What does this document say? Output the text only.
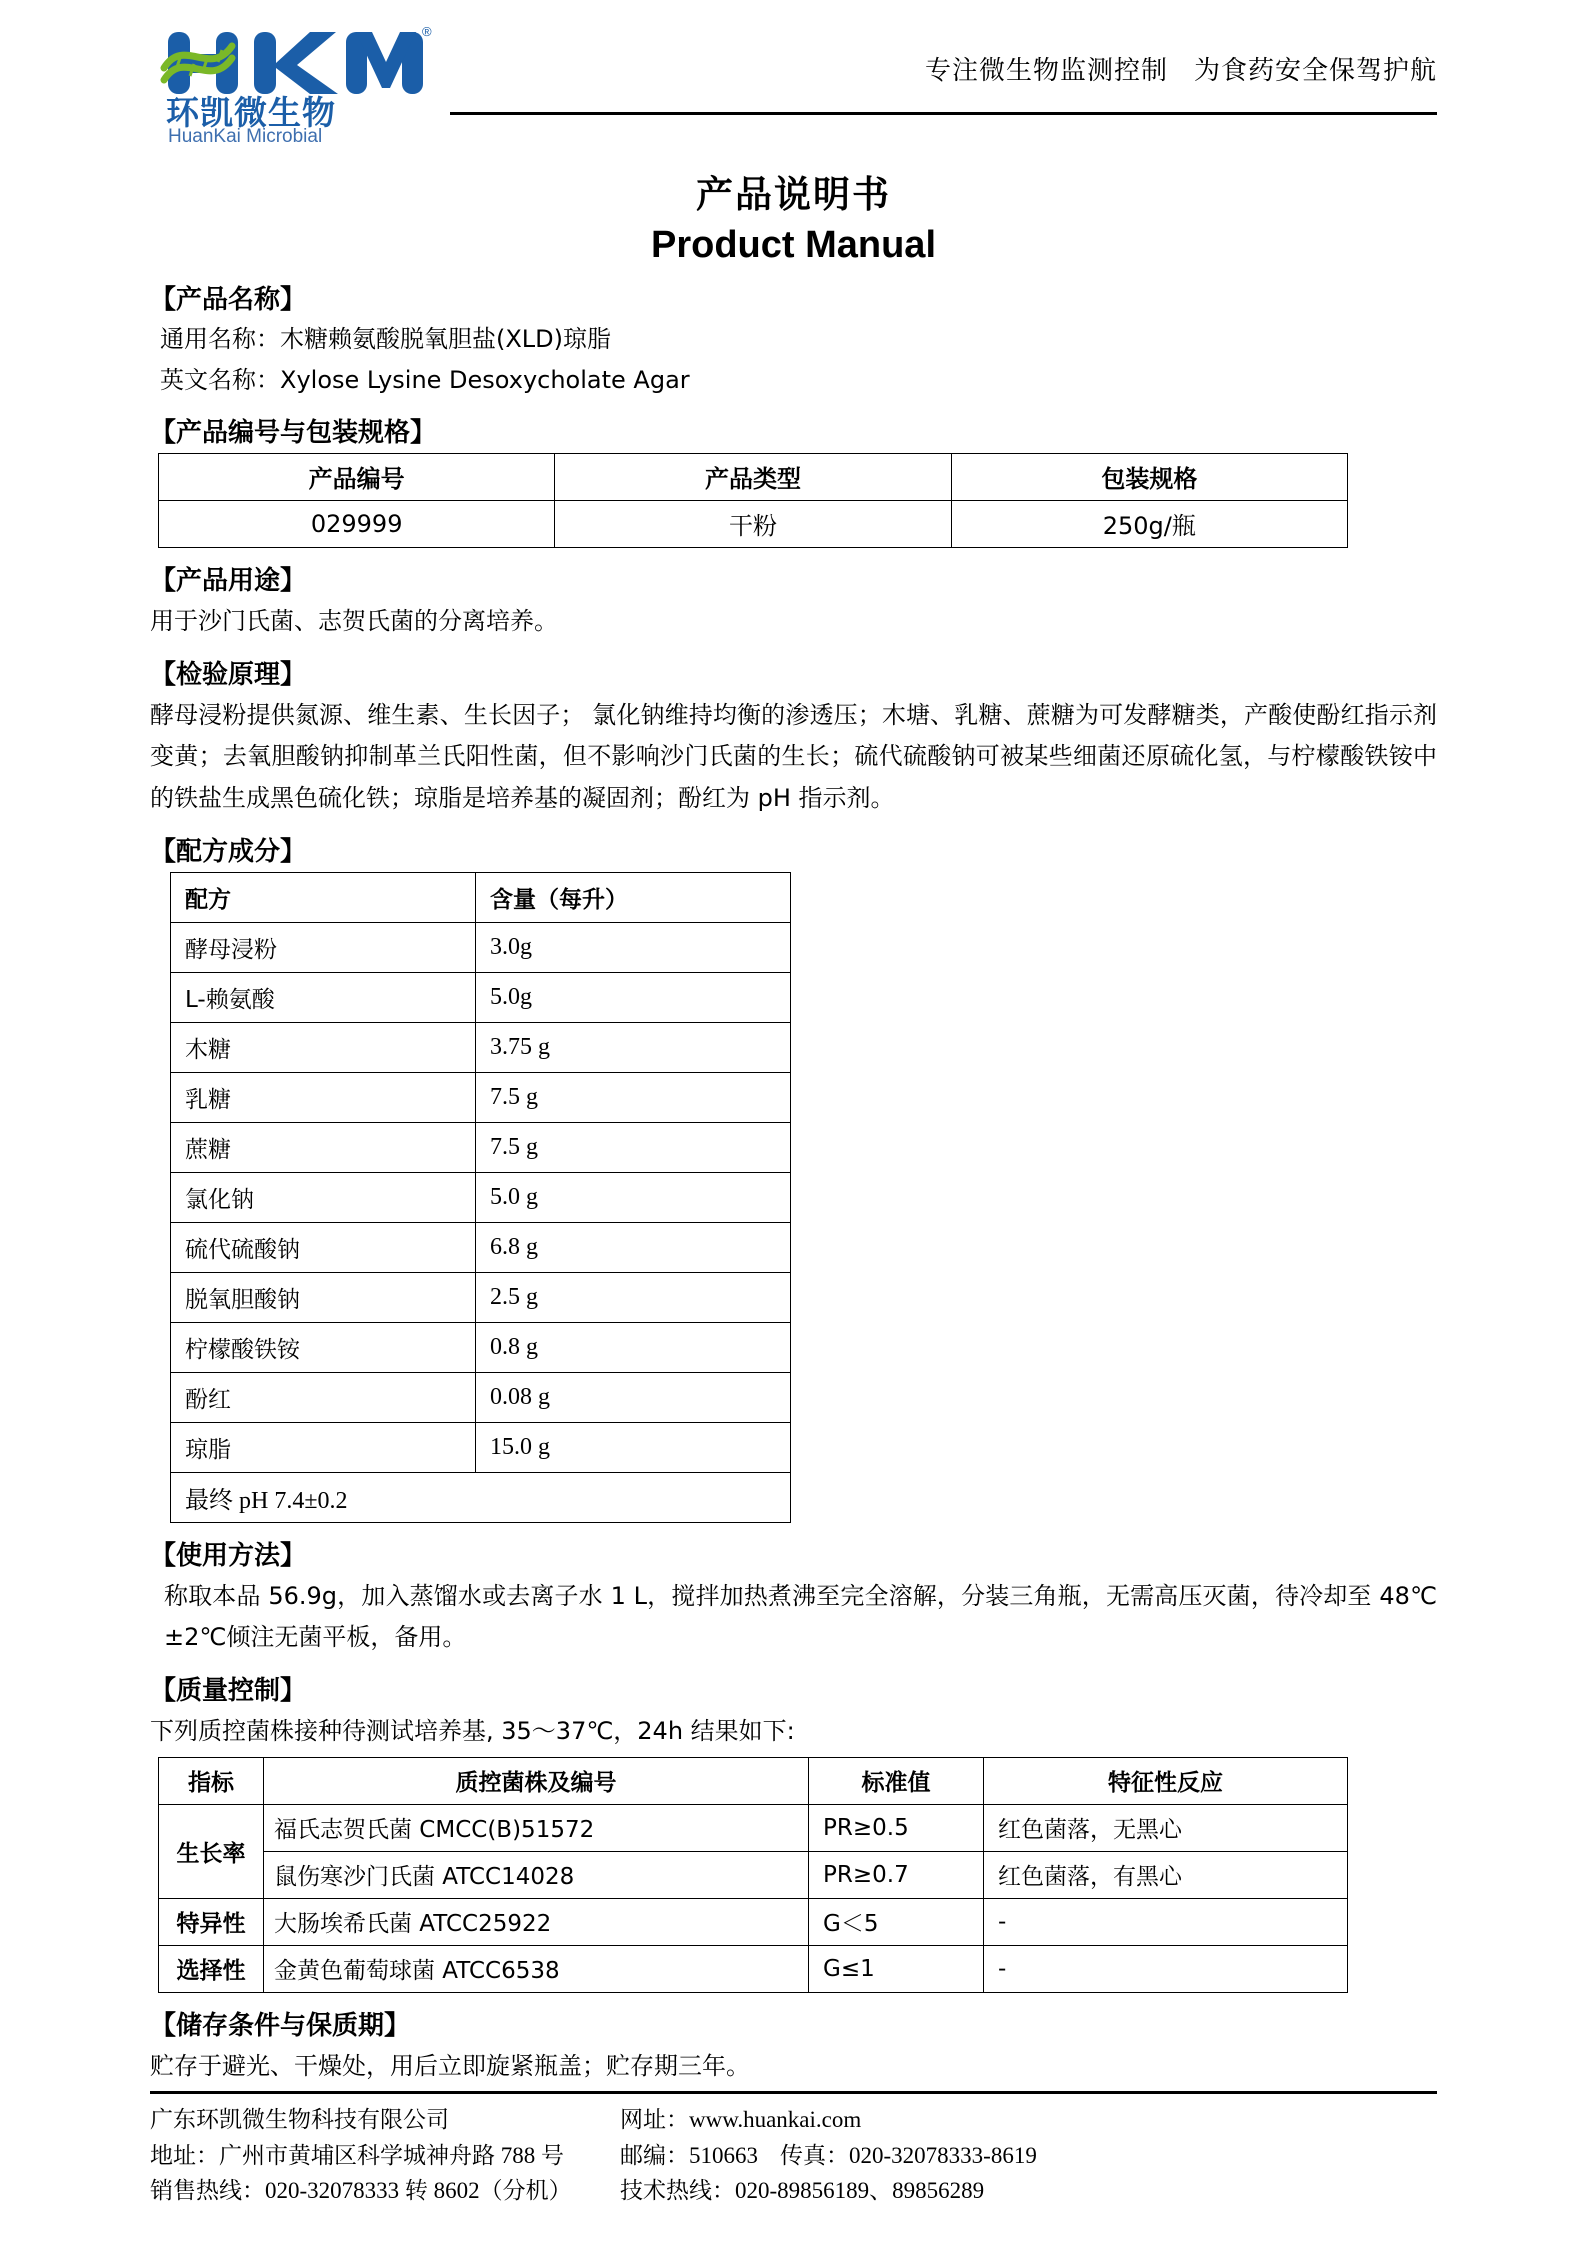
®
环凯微生物
HuanKai Microbial
专注微生物监测控制 为食药安全保驾护航
产品说明书
Product Manual
【产品名称】
通用名称：木糖赖氨酸脱氧胆盐(XLD)琼脂
英文名称：Xylose Lysine Desoxycholate Agar
【产品编号与包装规格】
产品编号	产品类型	包装规格
029999	干粉	250g/瓶
【产品用途】
用于沙门氏菌、志贺氏菌的分离培养。
【检验原理】
酵母浸粉提供氮源、维生素、生长因子； 氯化钠维持均衡的渗透压；木塘、乳糖、蔗糖为可发酵糖类，产酸使酚红指示剂变黄；去氧胆酸钠抑制革兰氏阳性菌，但不影响沙门氏菌的生长；硫代硫酸钠可被某些细菌还原硫化氢，与柠檬酸铁铵中的铁盐生成黑色硫化铁；琼脂是培养基的凝固剂；酚红为 pH 指示剂。
【配方成分】
配方	含量（每升）
酵母浸粉	3.0g
L-赖氨酸	5.0g
木糖	3.75 g
乳糖	7.5 g
蔗糖	7.5 g
氯化钠	5.0 g
硫代硫酸钠	6.8 g
脱氧胆酸钠	2.5 g
柠檬酸铁铵	0.8 g
酚红	0.08 g
琼脂	15.0 g
最终 pH 7.4±0.2	
【使用方法】
称取本品 56.9g，加入蒸馏水或去离子水 1 L，搅拌加热煮沸至完全溶解，分装三角瓶，无需高压灭菌，待冷却至 48℃±2℃倾注无菌平板，备用。
【质量控制】
下列质控菌株接种待测试培养基, 35～37℃，24h 结果如下:
指标	质控菌株及编号	标准值	特征性反应
生长率	福氏志贺氏菌 CMCC(B)51572	PR≥0.5	红色菌落，无黑心
	鼠伤寒沙门氏菌 ATCC14028	PR≥0.7	红色菌落，有黑心
特异性	大肠埃希氏菌 ATCC25922	G＜5	-
选择性	金黄色葡萄球菌 ATCC6538	G≤1	-
【储存条件与保质期】
贮存于避光、干燥处，用后立即旋紧瓶盖；贮存期三年。
广东环凯微生物科技有限公司
地址：广州市黄埔区科学城神舟路 788 号
销售热线：020-32078333 转 8602（分机）
网址：www.huankai.com
邮编：510663 传真：020-32078333-8619
技术热线：020-89856189、89856289
